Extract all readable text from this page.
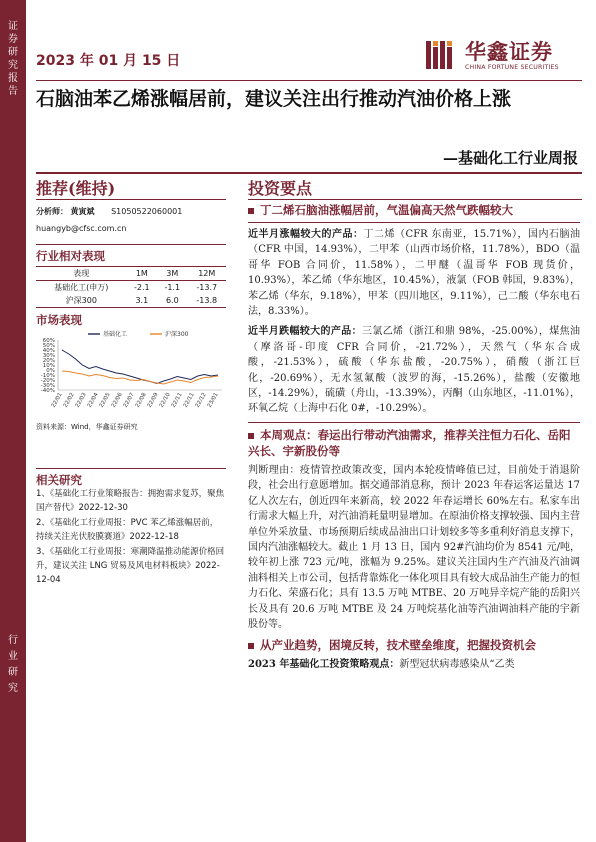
证券研究报告
行业研究
2023 年 01 月 15 日	华鑫证券
CHINA FORTUNE SECURITIES
石脑油苯乙烯涨幅居前，建议关注出行推动汽油价格上涨
—基础化工行业周报
推荐(维持)	投资要点
分析师： 黄寅斌 S1050522060001
huangyb@cfsc.com.cn
行业相对表现
表现	1M	3M	12M
基础化工(申万)	-2.1	-1.1	-13.7
沪深300	3.1	6.0	-13.8
市场表现
60%
50%
40%
30%
20%
10%
0%
-10%
-20%
-30%
-40%
22/01
22/02
22/03
22/04
22/05
22/06
22/07
22/08
22/09
22/10
22/11
22/11
22/12
23/01
基础化工	沪深300
资料来源：Wind，华鑫证券研究
相关研究

1、《基础化工行业策略报告：拥抱需求复苏，聚焦国产替代》2022-12-30

2、《基础化工行业周报：PVC 苯乙烯涨幅居前，持续关注光伏胶膜赛道》2022-12-18

3、《基础化工行业周报：寒潮降温推动能源价格回升，建议关注 LNG 贸易及风电材料板块》2022-12-04

丁二烯石脑油涨幅居前，气温偏高天然气跌幅较大

近半月涨幅较大的产品：丁二烯（CFR 东南亚，15.71%），国内石脑油（CFR 中国，14.93%），二甲苯（山西市场价格，11.78%），BDO（温哥华 FOB 合同价，11.58%），二甲醚（温哥华 FOB 现货价，10.93%），苯乙烯（华东地区，10.45%），液氯（FOB 韩国，9.83%），苯乙烯（华东，9.18%），甲苯（四川地区，9.11%），己二酸（华东电石法，8.33%）。

近半月跌幅较大的产品：三氯乙烯（浙江和鼎 98%，-25.00%），煤焦油（摩洛哥-印度 CFR 合同价，-21.72%），天然气（华东合成酸，-21.53%），硫酸（华东盐酸，-20.75%），硝酸（浙江巨化，-20.69%），无水氢氟酸（波罗的海，-15.26%），盐酸（安徽地区，-14.29%），硫磺（舟山，-13.39%），丙酮（山东地区，-11.01%），环氧乙烷（上海中石化 0#，-10.29%）。

本周观点：春运出行带动汽油需求，推荐关注恒力石化、岳阳兴长、宇新股份等

判断理由：疫情管控政策改变，国内本轮疫情峰值已过，目前处于消退阶段，社会出行意愿增加。据交通部消息称，预计 2023 年春运客运量达 17 亿人次左右，创近四年来新高，较 2022 年春运增长 60%左右。私家车出行需求大幅上升，对汽油消耗量明显增加。在原油价格支撑较强、国内主营单位外采放量、市场预期后续成品油出口计划较多等多重利好消息支撑下，国内汽油涨幅较大。截止 1 月 13 日，国内 92#汽油均价为 8541 元/吨，较年初上涨 723 元/吨，涨幅为 9.25%。建议关注国内生产汽油及汽油调油料相关上市公司，包括背靠炼化一体化项目具有较大成品油生产能力的恒力石化、荣盛石化；具有 13.5 万吨 MTBE、20 万吨异辛烷产能的岳阳兴长及具有 20.6 万吨 MTBE 及 24 万吨烷基化油等汽油调油料产能的宇新股份等。

从产业趋势，困境反转，技术壁垒维度，把握投资机会

2023 年基础化工投资策略观点：新型冠状病毒感染从“乙类
